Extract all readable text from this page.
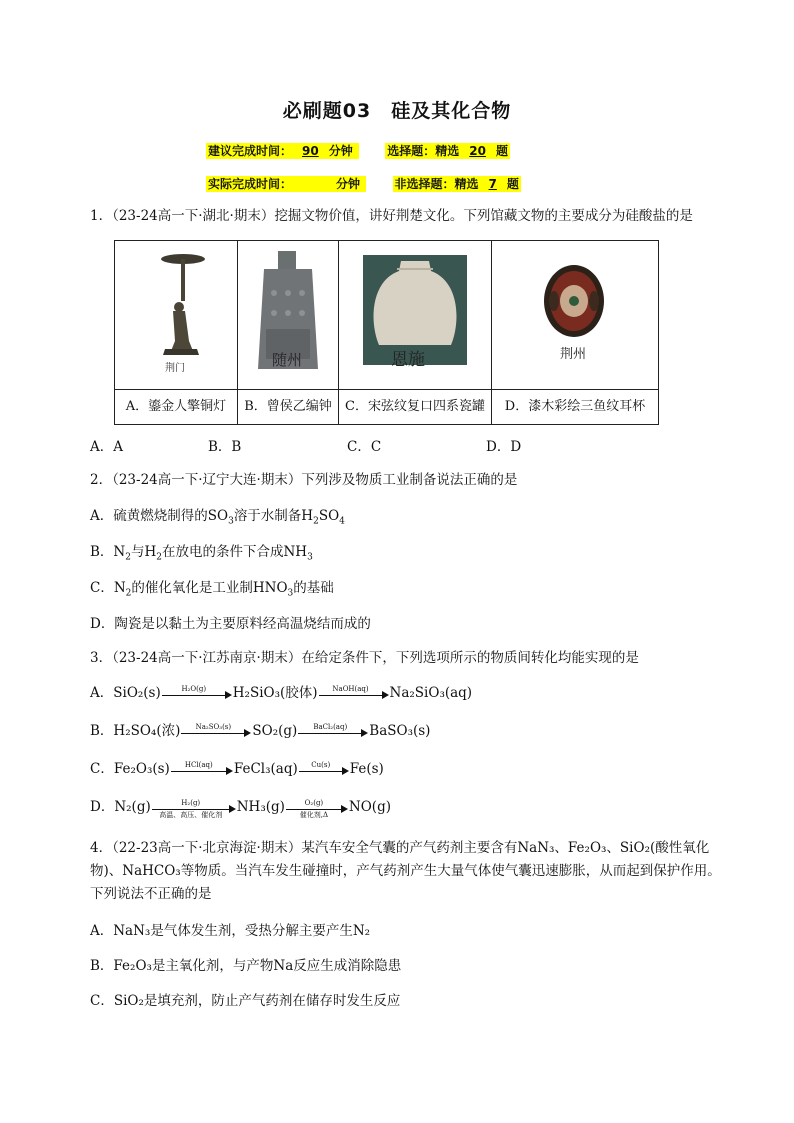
必刷题03　硅及其化合物
建议完成时间： 90 分钟	选择题：精选 20 题
实际完成时间：	分钟	非选择题：精选 7 题
1．（23-24高一下·湖北·期末）挖掘文物价值，讲好荆楚文化。下列馆藏文物的主要成分为硅酸盐的是
荆门
A．鎏金人擎铜灯

随州
B．曾侯乙编钟

恩施
C．宋弦纹复口四系瓷罐

荆州
D．漆木彩绘三鱼纹耳杯
A．A	B．B	C．C	D．D
2．（23-24高一下·辽宁大连·期末）下列涉及物质工业制备说法正确的是
A．硫黄燃烧制得的$SO_3$溶于水制备$H_2SO_4$
B．$N_2$与$H_2$在放电的条件下合成$NH_3$
C．$N_2$的催化氧化是工业制$HNO_3$的基础
D．陶瓷是以黏土为主要原料经高温烧结而成的
3．（23-24高一下·江苏南京·期末）在给定条件下，下列选项所示的物质间转化均能实现的是
A．SiO₂(s)	H₂O(g)	H₂SiO₃(胶体)	NaOH(aq)	Na₂SiO₃(aq)
B．H₂SO₄(浓)	Na₂SO₃(s)	SO₂(g)	BaCl₂(aq)	BaSO₃(s)
C．Fe₂O₃(s)	HCl(aq)	FeCl₃(aq)	Cu(s)	Fe(s)
D．N₂(g)	H₂(g)
高温、高压、催化剂	NH₃(g)	O₂(g)
催化剂,Δ	NO(g)
4．（22-23高一下·北京海淀·期末）某汽车安全气囊的产气药剂主要含有NaN₃、Fe₂O₃、SiO₂(酸性氧化
物)、NaHCO₃等物质。当汽车发生碰撞时，产气药剂产生大量气体使气囊迅速膨胀，从而起到保护作用。
下列说法不正确的是
A．NaN₃是气体发生剂，受热分解主要产生N₂
B．Fe₂O₃是主氧化剂，与产物Na反应生成消除隐患
C．SiO₂是填充剂，防止产气药剂在储存时发生反应
